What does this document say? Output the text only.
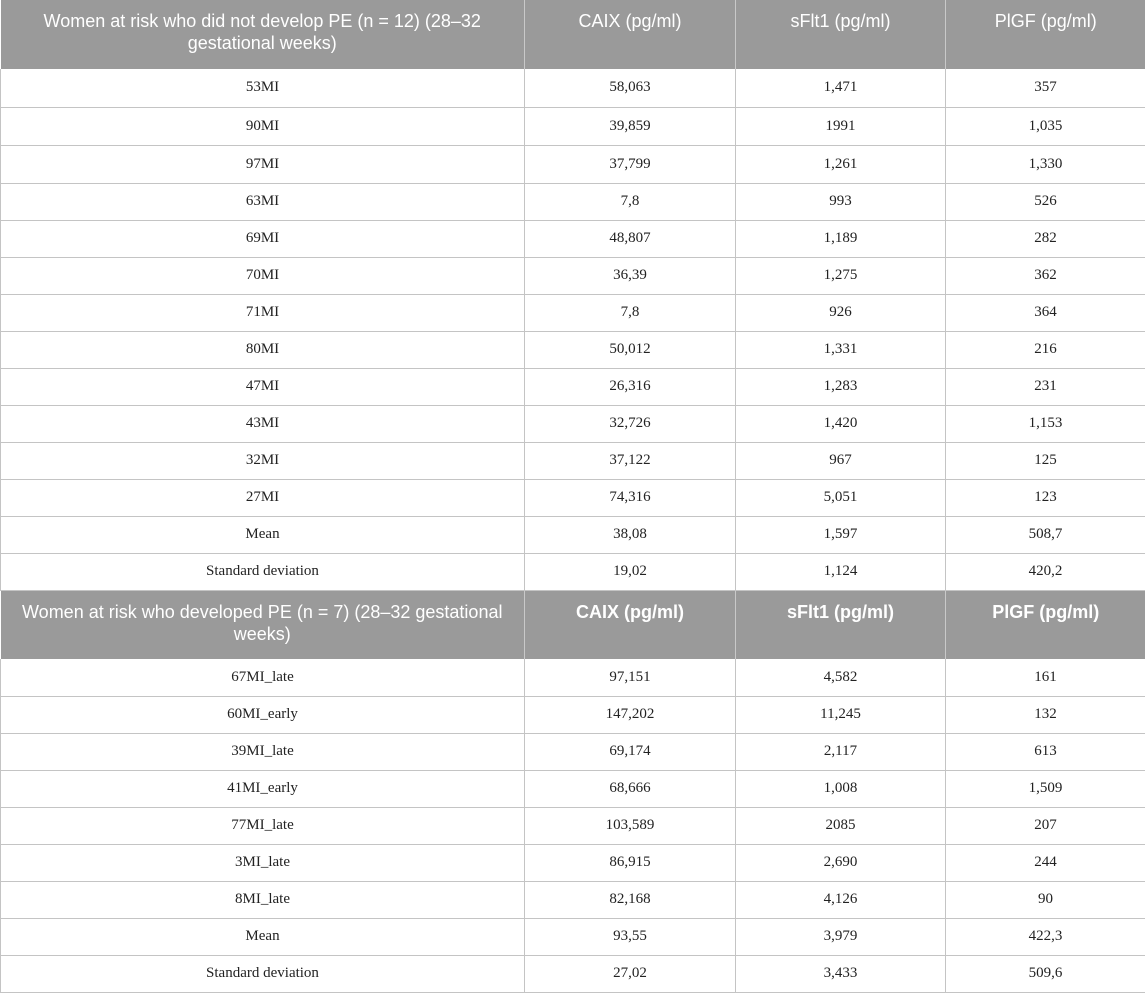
Women at risk who did not develop PE (n = 12) (28–32 gestational weeks)	CAIX (pg/ml)	sFlt1 (pg/ml)	PlGF (pg/ml)
53MI	58,063	1,471	357
90MI	39,859	1991	1,035
97MI	37,799	1,261	1,330
63MI	7,8	993	526
69MI	48,807	1,189	282
70MI	36,39	1,275	362
71MI	7,8	926	364
80MI	50,012	1,331	216
47MI	26,316	1,283	231
43MI	32,726	1,420	1,153
32MI	37,122	967	125
27MI	74,316	5,051	123
Mean	38,08	1,597	508,7
Standard deviation	19,02	1,124	420,2
Women at risk who developed PE (n = 7) (28–32 gestational weeks)	CAIX (pg/ml)	sFlt1 (pg/ml)	PlGF (pg/ml)
67MI_late	97,151	4,582	161
60MI_early	147,202	11,245	132
39MI_late	69,174	2,117	613
41MI_early	68,666	1,008	1,509
77MI_late	103,589	2085	207
3MI_late	86,915	2,690	244
8MI_late	82,168	4,126	90
Mean	93,55	3,979	422,3
Standard deviation	27,02	3,433	509,6
